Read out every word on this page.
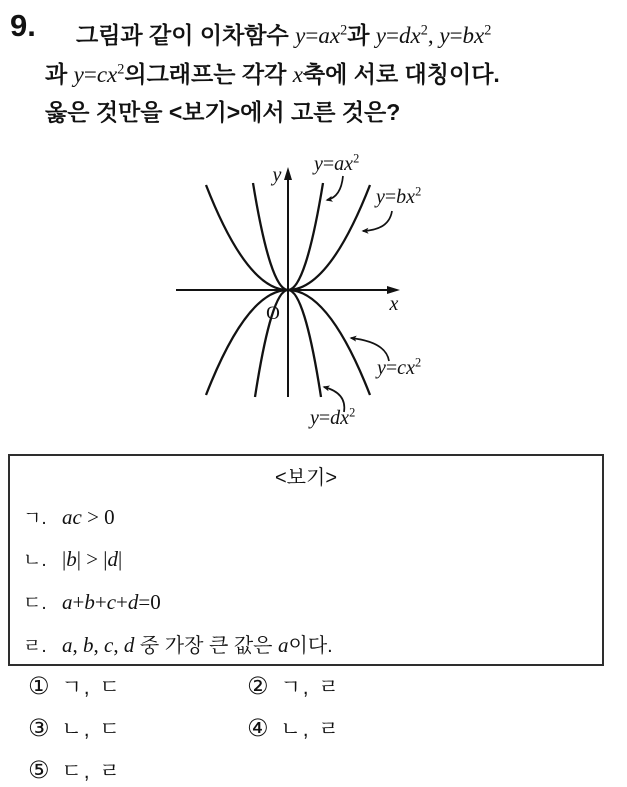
9. 그림과 같이 이차함수 $y=ax^2$과 $y=dx^2$, $y=bx^2$
과 $y=cx^2$의그래프는 각각 x축에 서로 대칭이다.
옳은 것만을 <보기>에서 고른 것은?
y
x
O
$y=ax^2$
$y=bx^2$
$y=cx^2$
$y=dx^2$
<보기>
ㄱ. ac > 0
ㄴ. |b| > |d|
ㄷ. a+b+c+d=0
ㄹ. a, b, c, d 중 가장 큰 값은 a이다.
① ㄱ, ㄷ	② ㄱ, ㄹ
③ ㄴ, ㄷ	④ ㄴ, ㄹ
⑤ ㄷ, ㄹ
